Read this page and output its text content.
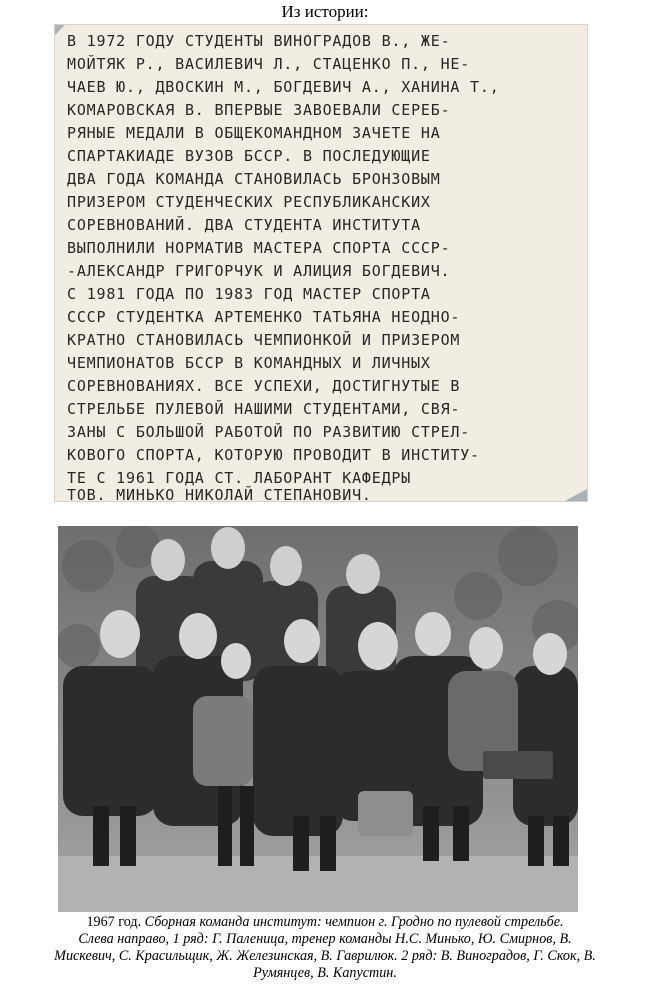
Из истории:
В 1972 ГОДУ СТУДЕНТЫ ВИНОГРАДОВ В., ЖЕ-
МОЙТЯК Р., ВАСИЛЕВИЧ Л., СТАЦЕНКО П., НЕ-
ЧАЕВ Ю., ДВОСКИН М., БОГДЕВИЧ А., ХАНИНА Т.,
КОМАРОВСКАЯ В. ВПЕРВЫЕ ЗАВОЕВАЛИ СЕРЕБ-
РЯНЫЕ МЕДАЛИ В ОБЩЕКОМАНДНОМ ЗАЧЕТЕ НА
СПАРТАКИАДЕ ВУЗОВ БССР. В ПОСЛЕДУЮЩИЕ
ДВА ГОДА КОМАНДА СТАНОВИЛАСЬ БРОНЗОВЫМ
ПРИЗЕРОМ СТУДЕНЧЕСКИХ РЕСПУБЛИКАНСКИХ
СОРЕВНОВАНИЙ. ДВА СТУДЕНТА ИНСТИТУТА
ВЫПОЛНИЛИ НОРМАТИВ МАСТЕРА СПОРТА СССР-
-АЛЕКСАНДР ГРИГОРЧУК И АЛИЦИЯ БОГДЕВИЧ.
С 1981 ГОДА ПО 1983 ГОД МАСТЕР СПОРТА
СССР СТУДЕНТКА АРТЕМЕНКО ТАТЬЯНА НЕОДНО-
КРАТНО СТАНОВИЛАСЬ ЧЕМПИОНКОЙ И ПРИЗЕРОМ
ЧЕМПИОНАТОВ БССР В КОМАНДНЫХ И ЛИЧНЫХ
СОРЕВНОВАНИЯХ. ВСЕ УСПЕХИ, ДОСТИГНУТЫЕ В
СТРЕЛЬБЕ ПУЛЕВОЙ НАШИМИ СТУДЕНТАМИ, СВЯ-
ЗАНЫ С БОЛЬШОЙ РАБОТОЙ ПО РАЗВИТИЮ СТРЕЛ-
КОВОГО СПОРТА, КОТОРУЮ ПРОВОДИТ В ИНСТИТУ-
ТЕ С 1961 ГОДА СТ. ЛАБОРАНТ КАФЕДРЫ
ТОВ. МИНЬКО НИКОЛАЙ СТЕПАНОВИЧ.
1967 год. Сборная команда институт: чемпион г. Гродно по пулевой стрельбе.
Слева направо, 1 ряд: Г. Паленица, тренер команды Н.С. Минько, Ю. Смирнов, В.
Мискевич, С. Красильщик, Ж. Железинская, В. Гаврилюк. 2 ряд: В. Виноградов, Г. Скок, В.
Румянцев, В. Капустин.
